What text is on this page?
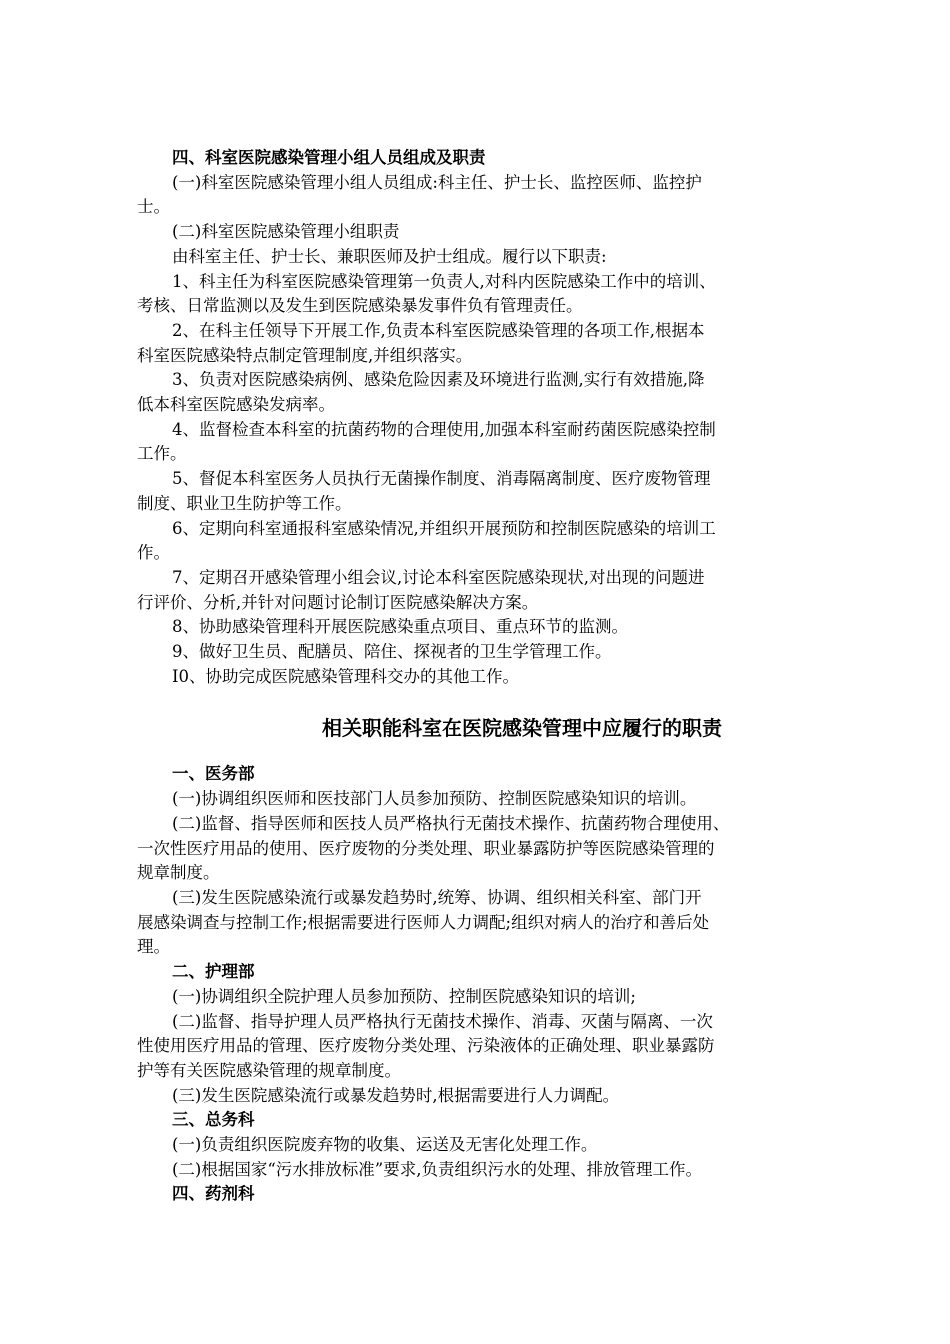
四、科室医院感染管理小组人员组成及职责

(一)科室医院感染管理小组人员组成:科主任、护士长、监控医师、监控护

士。

(二)科室医院感染管理小组职责

由科室主任、护士长、兼职医师及护士组成。履行以下职责:

1、科主任为科室医院感染管理第一负责人,对科内医院感染工作中的培训、

考核、日常监测以及发生到医院感染暴发事件负有管理责任。

2、在科主任领导下开展工作,负责本科室医院感染管理的各项工作,根据本

科室医院感染特点制定管理制度,并组织落实。

3、负责对医院感染病例、感染危险因素及环境进行监测,实行有效措施,降

低本科室医院感染发病率。

4、监督检查本科室的抗菌药物的合理使用,加强本科室耐药菌医院感染控制

工作。

5、督促本科室医务人员执行无菌操作制度、消毒隔离制度、医疗废物管理

制度、职业卫生防护等工作。

6、定期向科室通报科室感染情况,并组织开展预防和控制医院感染的培训工

作。

7、定期召开感染管理小组会议,讨论本科室医院感染现状,对出现的问题进

行评价、分析,并针对问题讨论制订医院感染解决方案。

8、协助感染管理科开展医院感染重点项目、重点环节的监测。

9、做好卫生员、配膳员、陪住、探视者的卫生学管理工作。

I0、协助完成医院感染管理科交办的其他工作。

相关职能科室在医院感染管理中应履行的职责

一、医务部

(一)协调组织医师和医技部门人员参加预防、控制医院感染知识的培训。

(二)监督、指导医师和医技人员严格执行无菌技术操作、抗菌药物合理使用、

一次性医疗用品的使用、医疗废物的分类处理、职业暴露防护等医院感染管理的

规章制度。

(三)发生医院感染流行或暴发趋势时,统筹、协调、组织相关科室、部门开

展感染调查与控制工作;根据需要进行医师人力调配;组织对病人的治疗和善后处

理。

二、护理部

(一)协调组织全院护理人员参加预防、控制医院感染知识的培训;

(二)监督、指导护理人员严格执行无菌技术操作、消毒、灭菌与隔离、一次

性使用医疗用品的管理、医疗废物分类处理、污染液体的正确处理、职业暴露防

护等有关医院感染管理的规章制度。

(三)发生医院感染流行或暴发趋势时,根据需要进行人力调配。

三、总务科

(一)负责组织医院废弃物的收集、运送及无害化处理工作。

(二)根据国家“污水排放标准”要求,负责组织污水的处理、排放管理工作。

四、药剂科
